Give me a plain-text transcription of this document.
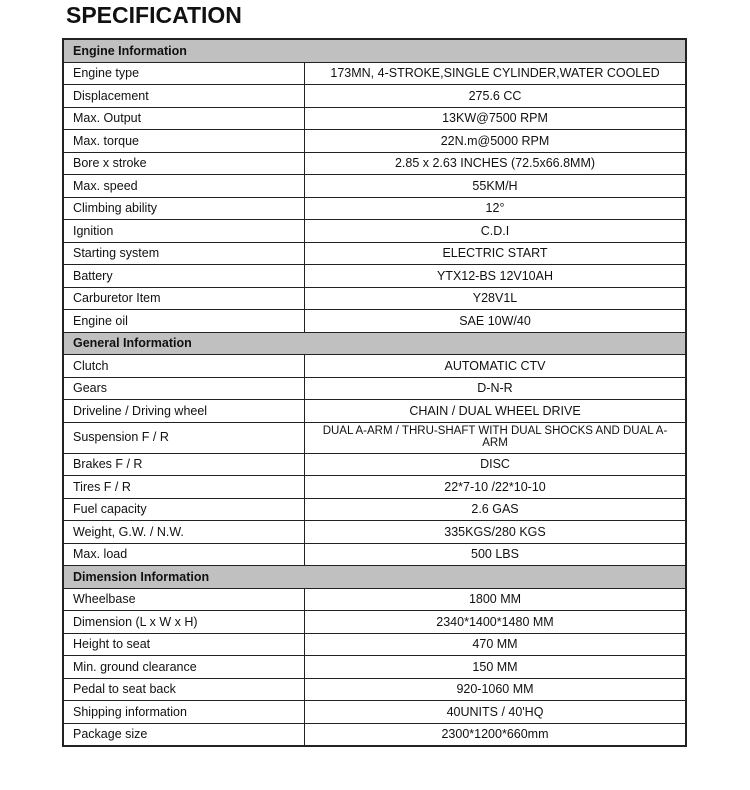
SPECIFICATION
Engine Information	
Engine type	173MN, 4-STROKE,SINGLE CYLINDER,WATER COOLED
Displacement	275.6 CC
Max. Output	13KW@7500 RPM
Max. torque	22N.m@5000 RPM
Bore x stroke	2.85 x 2.63 INCHES (72.5x66.8MM)
Max. speed	55KM/H
Climbing ability	12°
Ignition	C.D.I
Starting system	ELECTRIC START
Battery	YTX12-BS 12V10AH
Carburetor Item	Y28V1L
Engine oil	SAE 10W/40
General Information	
Clutch	AUTOMATIC CTV
Gears	D-N-R
Driveline / Driving wheel	CHAIN / DUAL WHEEL DRIVE
Suspension F / R	DUAL A-ARM / THRU-SHAFT WITH DUAL SHOCKS AND DUAL A-ARM
Brakes F / R	DISC
Tires F / R	22*7-10 /22*10-10
Fuel capacity	2.6 GAS
Weight, G.W. / N.W.	335KGS/280 KGS
Max. load	500 LBS
Dimension Information	
Wheelbase	1800 MM
Dimension (L x W x H)	2340*1400*1480 MM
Height to seat	470 MM
Min. ground clearance	150 MM
Pedal to seat back	920-1060 MM
Shipping information	40UNITS / 40'HQ
Package size	2300*1200*660mm
